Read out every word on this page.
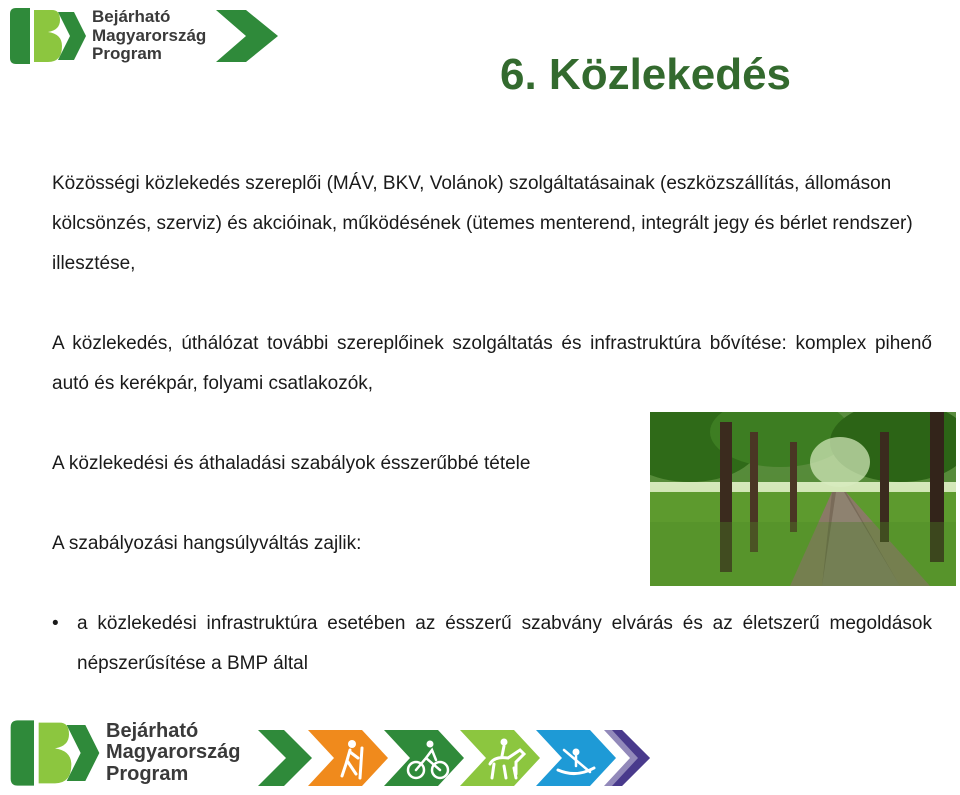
Bejárható
Magyarország
Program	6. Közlekedés

Közösségi közlekedés szereplői (MÁV, BKV, Volánok) szolgáltatásainak (eszközszállítás, állomáson kölcsönzés, szerviz) és akcióinak, működésének (ütemes menterend, integrált jegy és bérlet rendszer) illesztése,

A közlekedés, úthálózat további szereplőinek szolgáltatás és infrastruktúra bővítése: komplex pihenő autó és kerékpár, folyami csatlakozók,

A közlekedési és áthaladási szabályok ésszerűbbé tétele

A szabályozási hangsúlyváltás zajlik:

• a közlekedési infrastruktúra esetében az ésszerű szabvány elvárás és az életszerű megoldások népszerűsítése a BMP által
Bejárható
Magyarország
Program
